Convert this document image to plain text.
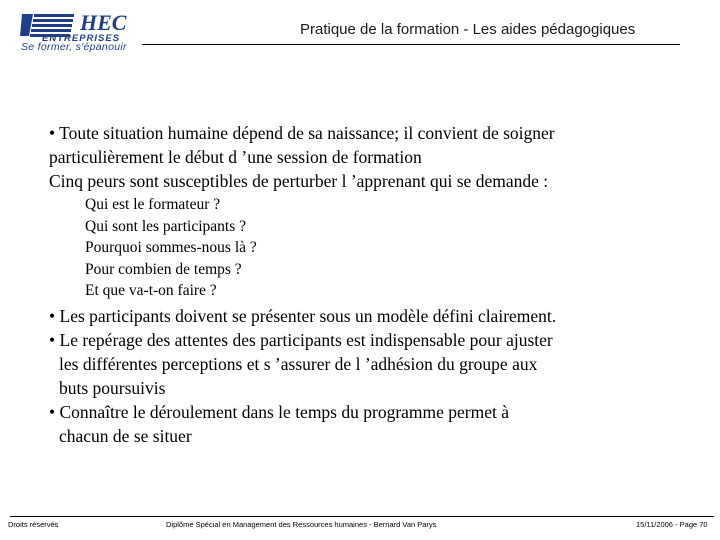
HEC
ENTREPRISES
Se former, s'épanouir
Pratique de la formation - Les aides pédagogiques

• Toute situation humaine dépend de sa naissance; il convient de soigner

particulièrement le début d ’une session de formation

Cinq peurs sont susceptibles de perturber l ’apprenant qui se demande :

Qui est le formateur ?

Qui sont les participants ?

Pourquoi sommes-nous là ?

Pour combien de temps ?

Et que va-t-on faire ?

• Les participants doivent se présenter sous un modèle défini clairement.

• Le repérage des attentes des participants est indispensable pour ajuster

les différentes perceptions et s ’assurer de l ’adhésion du groupe aux

buts poursuivis

• Connaître le déroulement dans le temps du programme permet à

chacun de se situer

Droits réservés	Diplôme Spécial en Management des Ressources humaines - Bernard Van Parys	15/11/2006 - Page 70
